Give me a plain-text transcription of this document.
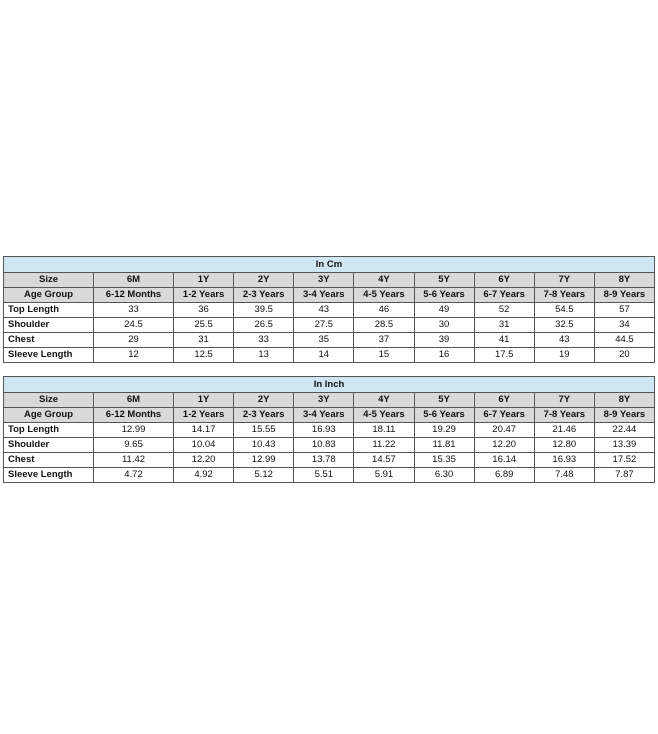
In Cm									
Size	6M	1Y	2Y	3Y	4Y	5Y	6Y	7Y	8Y
Age Group	6-12 Months	1-2 Years	2-3 Years	3-4 Years	4-5 Years	5-6 Years	6-7 Years	7-8 Years	8-9 Years
Top Length	33	36	39.5	43	46	49	52	54.5	57
Shoulder	24.5	25.5	26.5	27.5	28.5	30	31	32.5	34
Chest	29	31	33	35	37	39	41	43	44.5
Sleeve Length	12	12.5	13	14	15	16	17.5	19	20
In Inch									
Size	6M	1Y	2Y	3Y	4Y	5Y	6Y	7Y	8Y
Age Group	6-12 Months	1-2 Years	2-3 Years	3-4 Years	4-5 Years	5-6 Years	6-7 Years	7-8 Years	8-9 Years
Top Length	12.99	14.17	15.55	16.93	18.11	19.29	20.47	21.46	22.44
Shoulder	9.65	10.04	10.43	10.83	11.22	11.81	12.20	12.80	13.39
Chest	11.42	12.20	12.99	13.78	14.57	15.35	16.14	16.93	17.52
Sleeve Length	4.72	4.92	5.12	5.51	5.91	6.30	6.89	7.48	7.87
